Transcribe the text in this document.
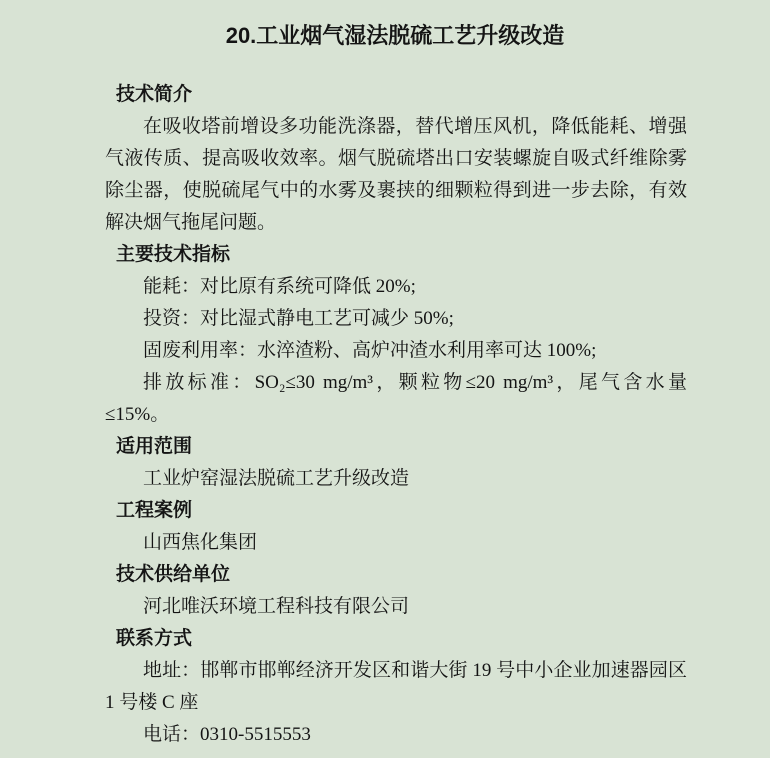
20.工业烟气湿法脱硫工艺升级改造
技术简介

在吸收塔前增设多功能洗涤器，替代增压风机，降低能耗、增强气液传质、提高吸收效率。烟气脱硫塔出口安装螺旋自吸式纤维除雾除尘器，使脱硫尾气中的水雾及裹挟的细颗粒得到进一步去除，有效解决烟气拖尾问题。

主要技术指标

能耗：对比原有系统可降低 20%;

投资：对比湿式静电工艺可减少 50%;

固废利用率：水淬渣粉、高炉冲渣水利用率可达 100%;

排放标准：SO₂≤30 mg/m³，颗粒物≤20 mg/m³，尾气含水量≤15%。

适用范围

工业炉窑湿法脱硫工艺升级改造

工程案例

山西焦化集团

技术供给单位

河北唯沃环境工程科技有限公司

联系方式

地址：邯郸市邯郸经济开发区和谐大街 19 号中小企业加速器园区 1 号楼 C 座

电话：0310-5515553
